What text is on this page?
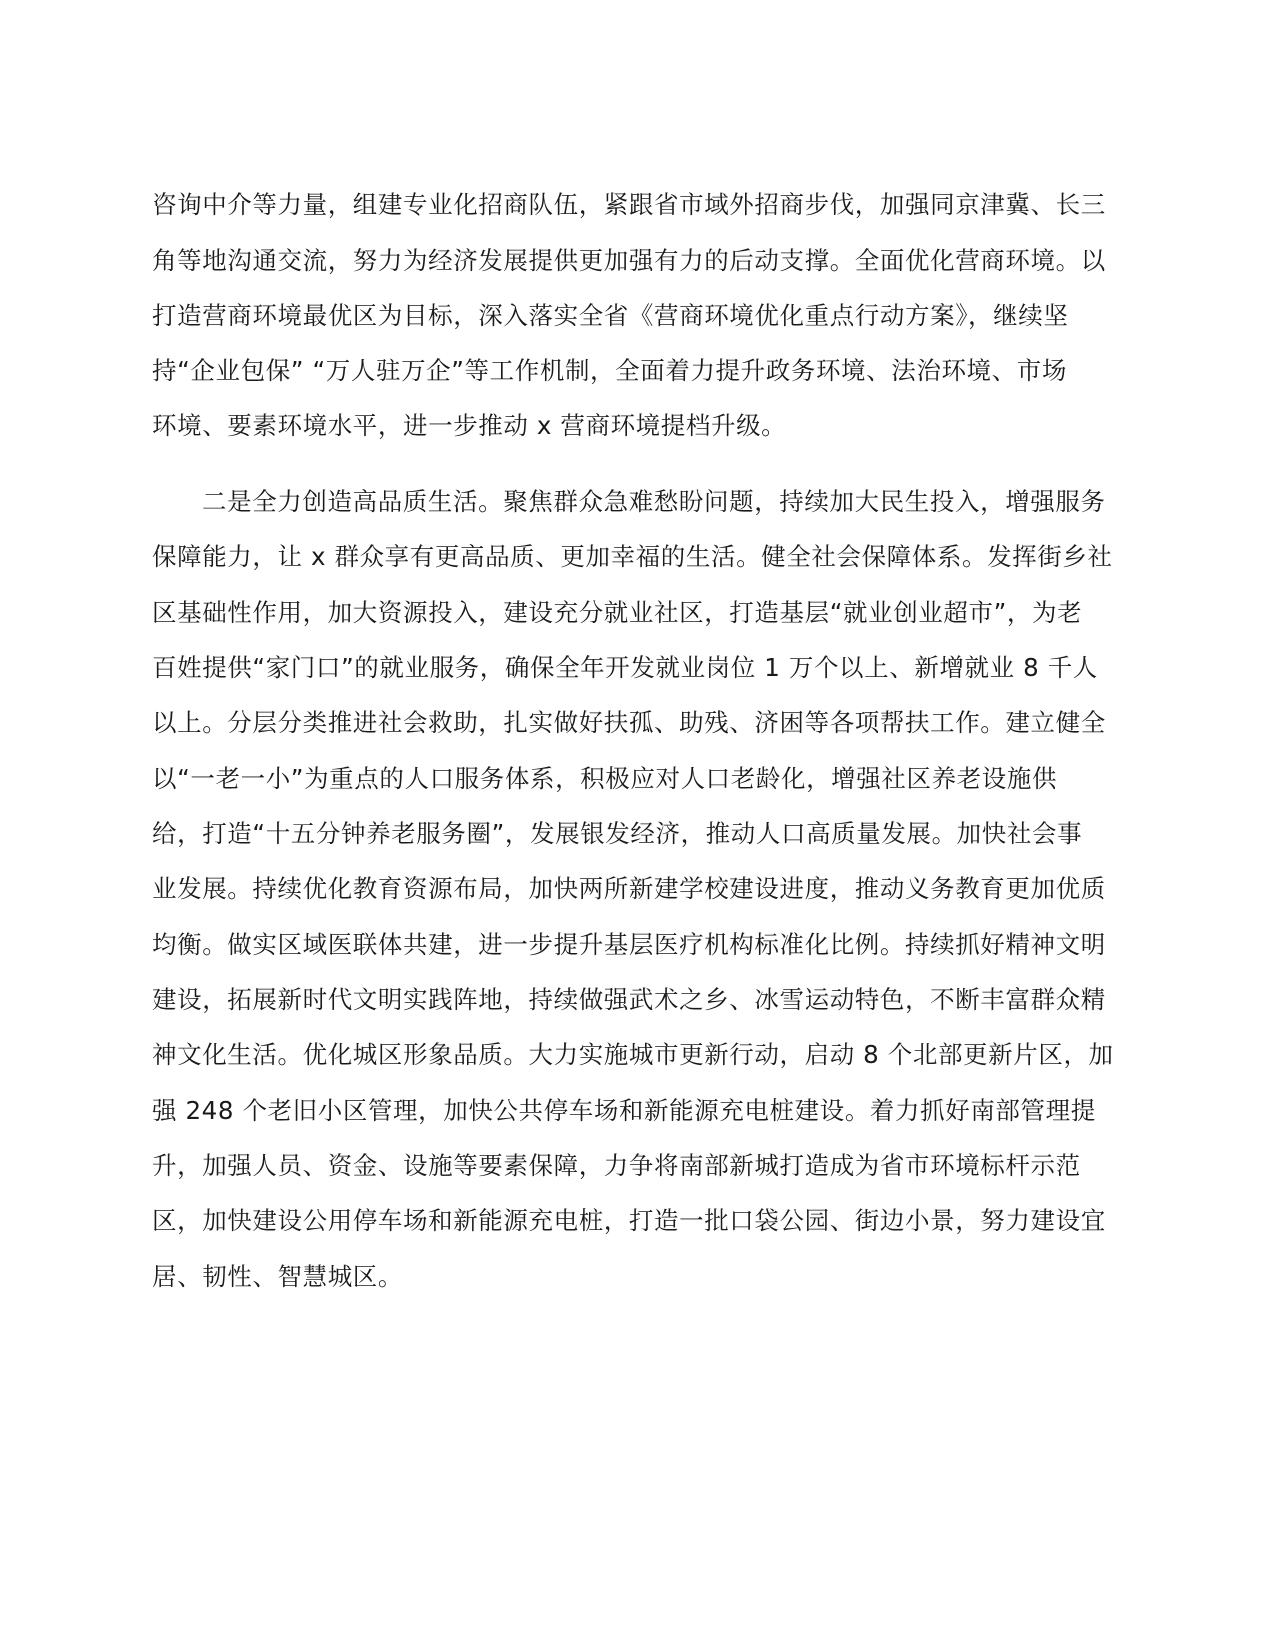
咨询中介等力量，组建专业化招商队伍，紧跟省市域外招商步伐，加强同京津冀、长三
角等地沟通交流，努力为经济发展提供更加强有力的后动支撑。全面优化营商环境。以
打造营商环境最优区为目标，深入落实全省《营商环境优化重点行动方案》，继续坚
持“企业包保” “万人驻万企”等工作机制，全面着力提升政务环境、法治环境、市场
环境、要素环境水平，进一步推动 x 营商环境提档升级。
二是全力创造高品质生活。聚焦群众急难愁盼问题，持续加大民生投入，增强服务
保障能力，让 x 群众享有更高品质、更加幸福的生活。健全社会保障体系。发挥街乡社
区基础性作用，加大资源投入，建设充分就业社区，打造基层“就业创业超市”，为老
百姓提供“家门口”的就业服务，确保全年开发就业岗位 1 万个以上、新增就业 8 千人
以上。分层分类推进社会救助，扎实做好扶孤、助残、济困等各项帮扶工作。建立健全
以“一老一小”为重点的人口服务体系，积极应对人口老龄化，增强社区养老设施供
给，打造“十五分钟养老服务圈”，发展银发经济，推动人口高质量发展。加快社会事
业发展。持续优化教育资源布局，加快两所新建学校建设进度，推动义务教育更加优质
均衡。做实区域医联体共建，进一步提升基层医疗机构标准化比例。持续抓好精神文明
建设，拓展新时代文明实践阵地，持续做强武术之乡、冰雪运动特色，不断丰富群众精
神文化生活。优化城区形象品质。大力实施城市更新行动，启动 8 个北部更新片区，加
强 248 个老旧小区管理，加快公共停车场和新能源充电桩建设。着力抓好南部管理提
升，加强人员、资金、设施等要素保障，力争将南部新城打造成为省市环境标杆示范
区，加快建设公用停车场和新能源充电桩，打造一批口袋公园、街边小景，努力建设宜
居、韧性、智慧城区。
